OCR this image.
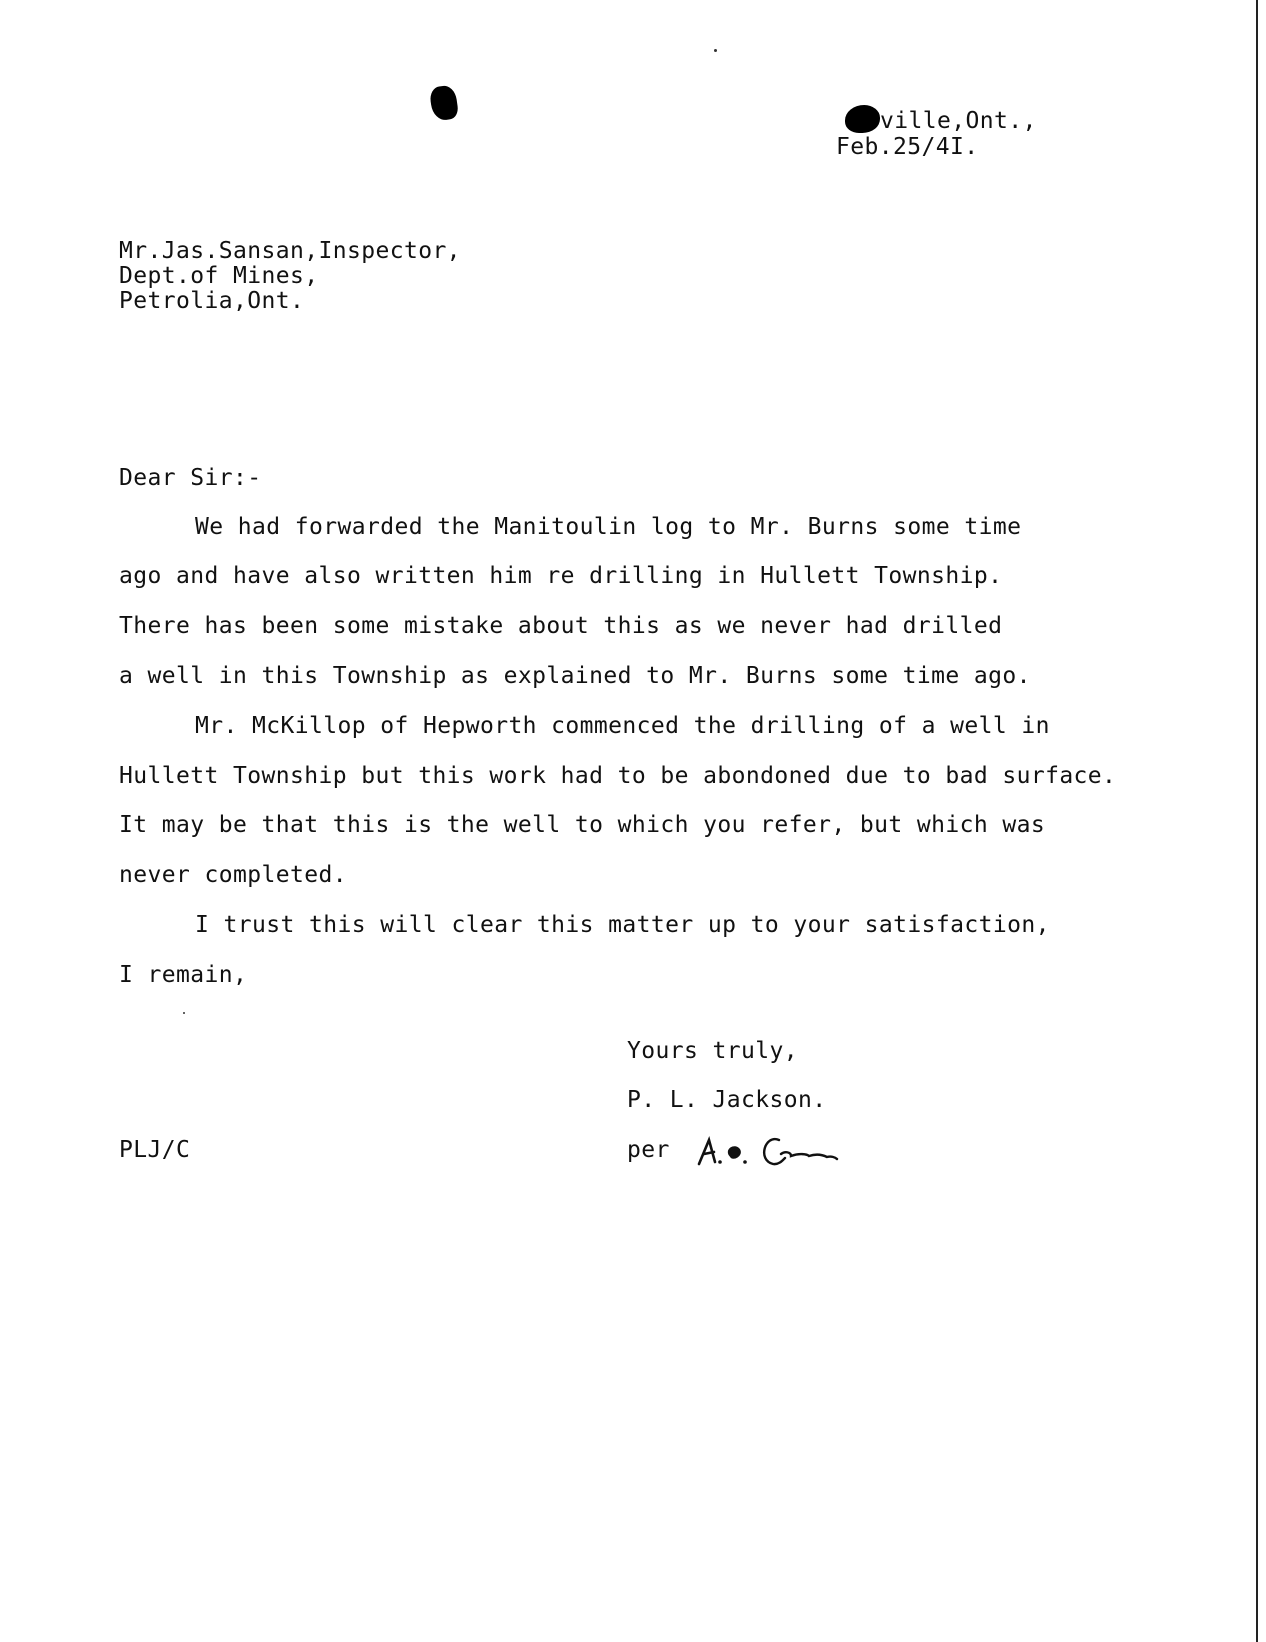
ville,Ont.,
Feb.25/4I.
Mr.Jas.Sansan,Inspector,
Dept.of Mines,
Petrolia,Ont.
Dear Sir:-
We had forwarded the Manitoulin log to Mr. Burns some time
ago and have also written him re drilling in Hullett Township.
There has been some mistake about this as we never had drilled
a well in this Township as explained to Mr. Burns some time ago.
Mr. McKillop of Hepworth commenced the drilling of a well in
Hullett Township but this work had to be abondoned due to bad surface.
It may be that this is the well to which you refer, but which was
never completed.
I trust this will clear this matter up to your satisfaction,
I remain,
Yours truly,
P. L. Jackson.
per
PLJ/C
